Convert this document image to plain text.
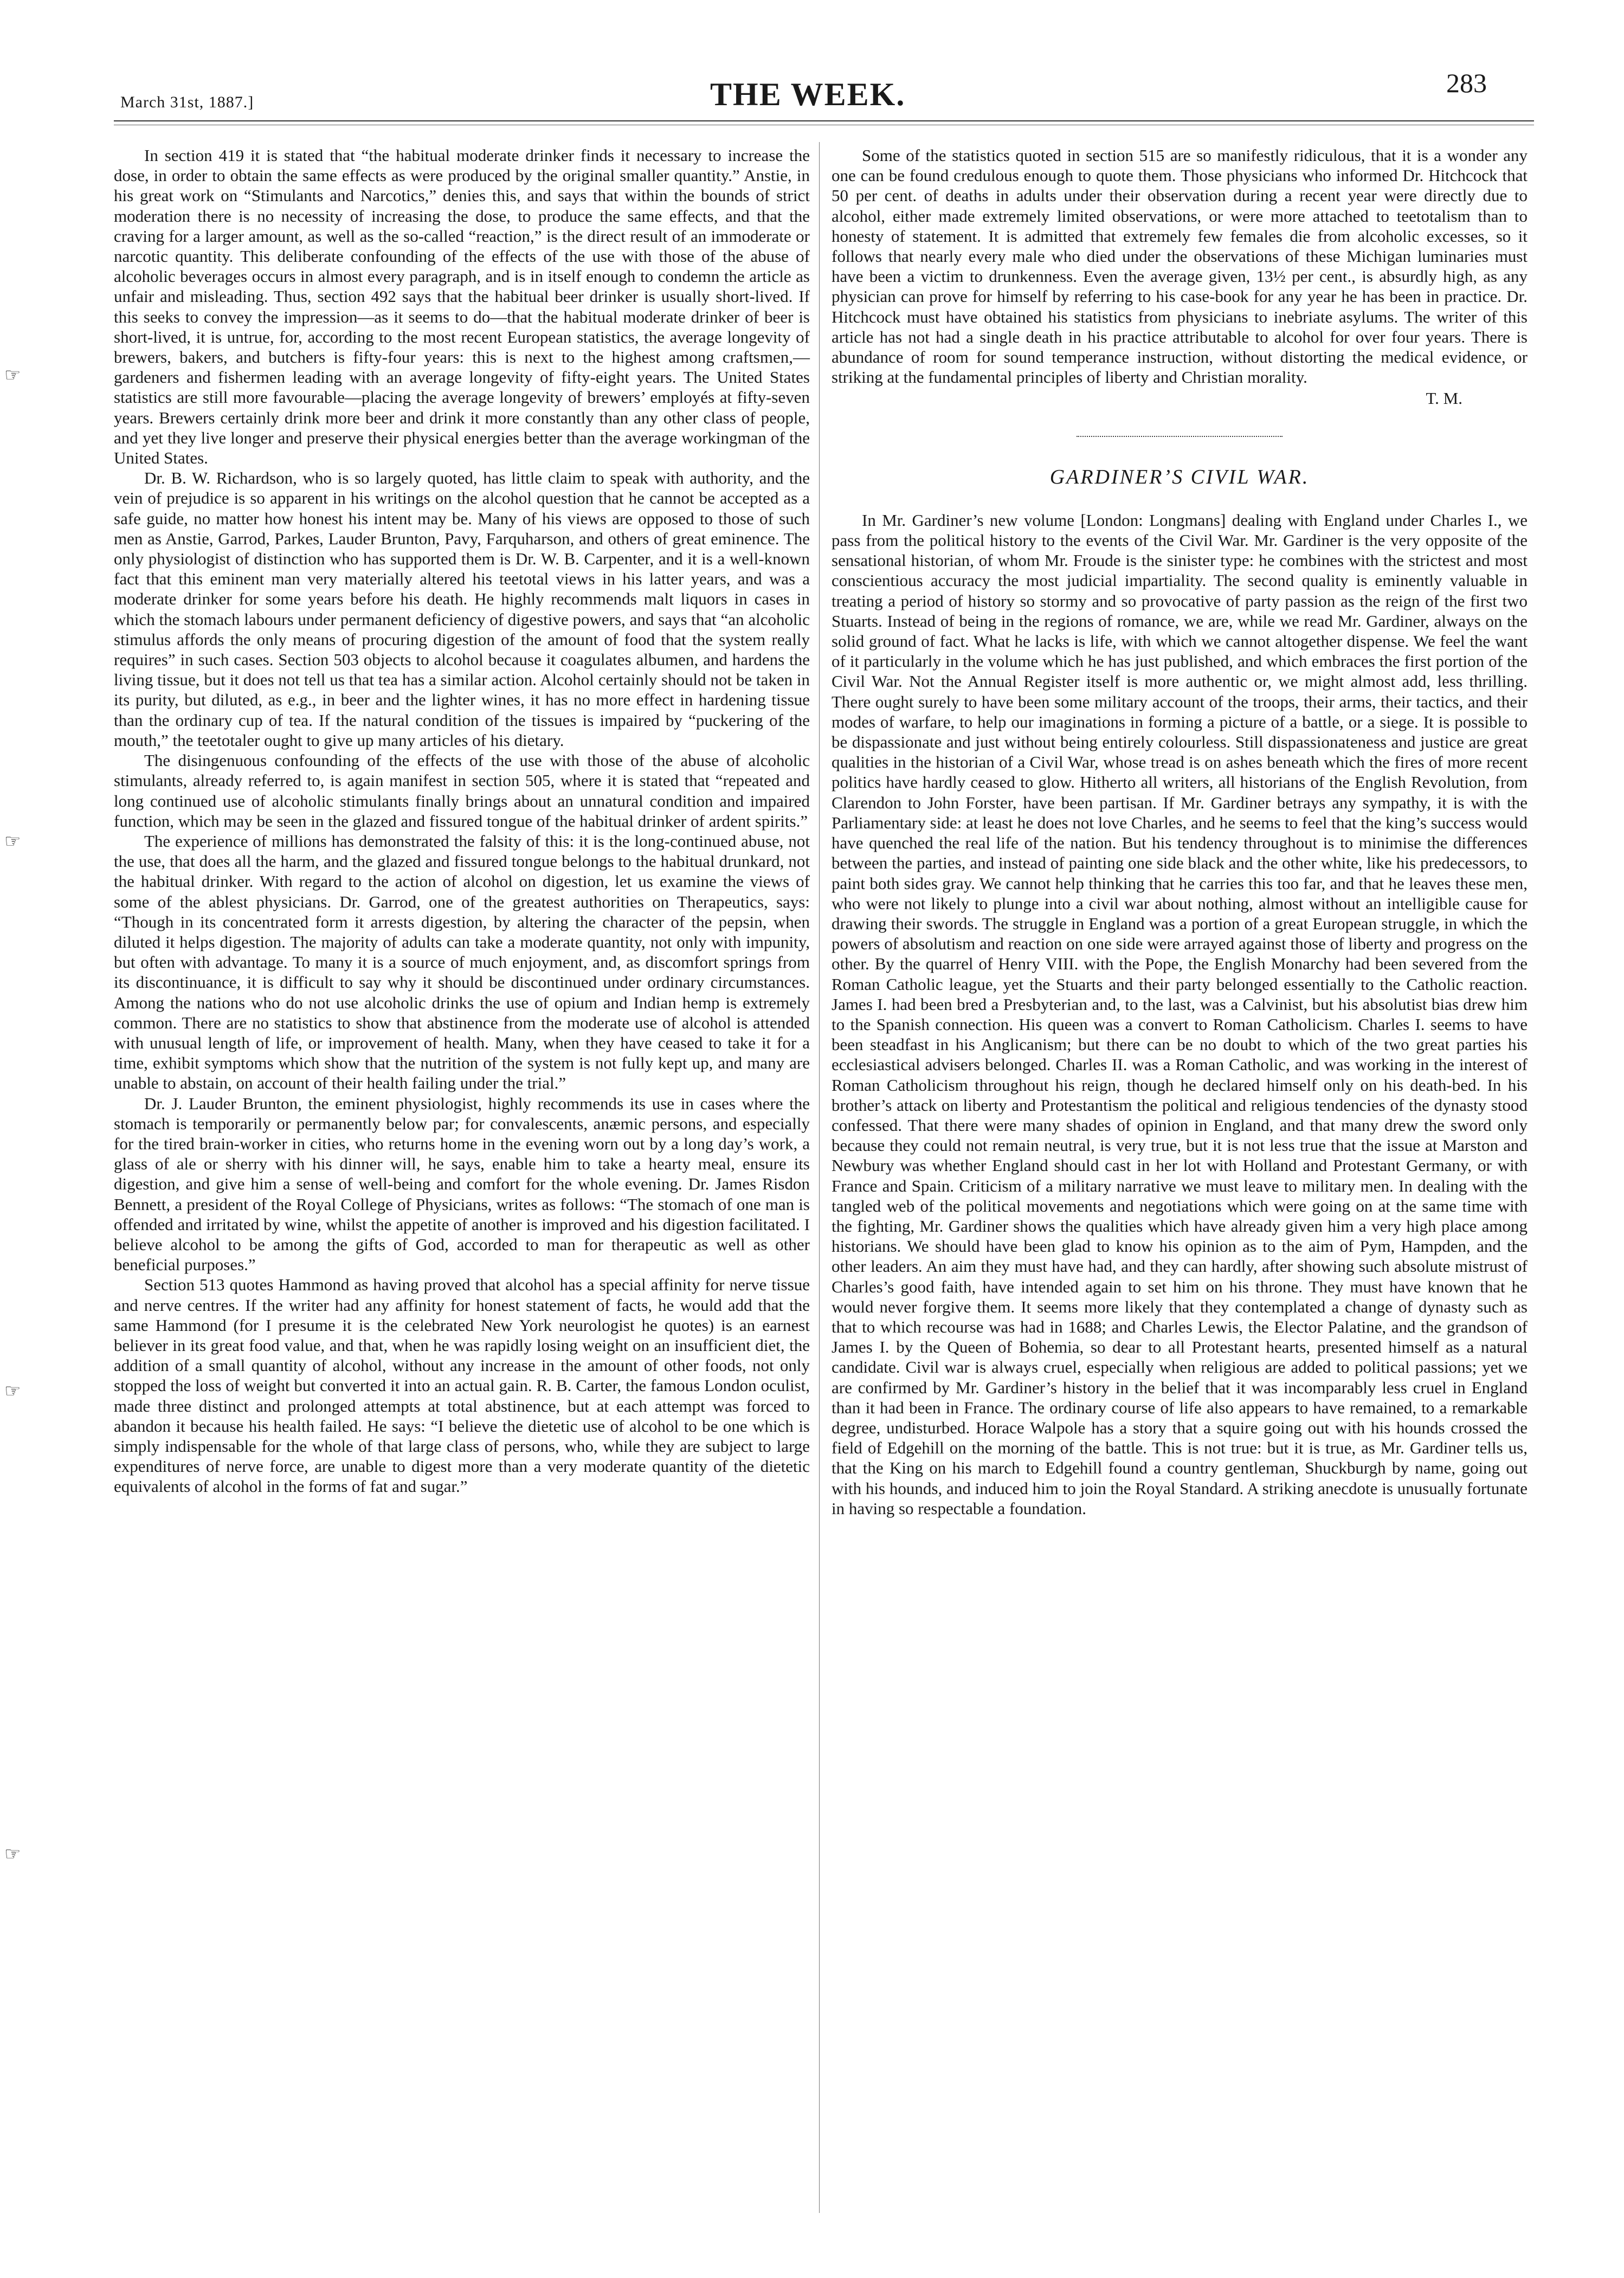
March 31st, 1887.]	THE WEEK.	283
☞
☞
☞
☞

In section 419 it is stated that “the habitual moderate drinker finds it necessary to increase the dose, in order to obtain the same effects as were produced by the original smaller quantity.” Anstie, in his great work on “Stimulants and Narcotics,” denies this, and says that within the bounds of strict moderation there is no necessity of increasing the dose, to produce the same effects, and that the craving for a larger amount, as well as the so-called “reaction,” is the direct result of an immoderate or narcotic quantity. This deliberate confounding of the effects of the use with those of the abuse of alcoholic beverages occurs in almost every paragraph, and is in itself enough to condemn the article as unfair and misleading. Thus, section 492 says that the habitual beer drinker is usually short-lived. If this seeks to convey the impression—as it seems to do—that the habitual moderate drinker of beer is short-lived, it is untrue, for, according to the most recent European statistics, the average longevity of brewers, bakers, and butchers is fifty-four years: this is next to the highest among craftsmen,—gardeners and fishermen leading with an average longevity of fifty-eight years. The United States statistics are still more favourable—placing the average longevity of brewers’ employés at fifty-seven years. Brewers certainly drink more beer and drink it more constantly than any other class of people, and yet they live longer and preserve their physical energies better than the average workingman of the United States.

Dr. B. W. Richardson, who is so largely quoted, has little claim to speak with authority, and the vein of prejudice is so apparent in his writings on the alcohol question that he cannot be accepted as a safe guide, no matter how honest his intent may be. Many of his views are opposed to those of such men as Anstie, Garrod, Parkes, Lauder Brunton, Pavy, Farquharson, and others of great eminence. The only physiologist of distinction who has supported them is Dr. W. B. Carpenter, and it is a well-known fact that this eminent man very materially altered his teetotal views in his latter years, and was a moderate drinker for some years before his death. He highly recommends malt liquors in cases in which the stomach labours under permanent deficiency of digestive powers, and says that “an alcoholic stimulus affords the only means of procuring digestion of the amount of food that the system really requires” in such cases. Section 503 objects to alcohol because it coagulates albumen, and hardens the living tissue, but it does not tell us that tea has a similar action. Alcohol certainly should not be taken in its purity, but diluted, as e.g., in beer and the lighter wines, it has no more effect in hardening tissue than the ordinary cup of tea. If the natural condition of the tissues is impaired by “puckering of the mouth,” the teetotaler ought to give up many articles of his dietary.

The disingenuous confounding of the effects of the use with those of the abuse of alcoholic stimulants, already referred to, is again manifest in section 505, where it is stated that “repeated and long continued use of alcoholic stimulants finally brings about an unnatural condition and impaired function, which may be seen in the glazed and fissured tongue of the habitual drinker of ardent spirits.”

The experience of millions has demonstrated the falsity of this: it is the long-continued abuse, not the use, that does all the harm, and the glazed and fissured tongue belongs to the habitual drunkard, not the habitual drinker. With regard to the action of alcohol on digestion, let us examine the views of some of the ablest physicians. Dr. Garrod, one of the greatest authorities on Therapeutics, says: “Though in its concentrated form it arrests digestion, by altering the character of the pepsin, when diluted it helps digestion. The majority of adults can take a moderate quantity, not only with impunity, but often with advantage. To many it is a source of much enjoyment, and, as discomfort springs from its discontinuance, it is difficult to say why it should be discontinued under ordinary circumstances. Among the nations who do not use alcoholic drinks the use of opium and Indian hemp is extremely common. There are no statistics to show that abstinence from the moderate use of alcohol is attended with unusual length of life, or improvement of health. Many, when they have ceased to take it for a time, exhibit symptoms which show that the nutrition of the system is not fully kept up, and many are unable to abstain, on account of their health failing under the trial.”

Dr. J. Lauder Brunton, the eminent physiologist, highly recommends its use in cases where the stomach is temporarily or permanently below par; for convalescents, anæmic persons, and especially for the tired brain-worker in cities, who returns home in the evening worn out by a long day’s work, a glass of ale or sherry with his dinner will, he says, enable him to take a hearty meal, ensure its digestion, and give him a sense of well-being and comfort for the whole evening. Dr. James Risdon Bennett, a president of the Royal College of Physicians, writes as follows: “The stomach of one man is offended and irritated by wine, whilst the appetite of another is improved and his digestion facilitated. I believe alcohol to be among the gifts of God, accorded to man for therapeutic as well as other beneficial purposes.”

Section 513 quotes Hammond as having proved that alcohol has a special affinity for nerve tissue and nerve centres. If the writer had any affinity for honest statement of facts, he would add that the same Hammond (for I presume it is the celebrated New York neurologist he quotes) is an earnest believer in its great food value, and that, when he was rapidly losing weight on an insufficient diet, the addition of a small quantity of alcohol, without any increase in the amount of other foods, not only stopped the loss of weight but converted it into an actual gain. R. B. Carter, the famous London oculist, made three distinct and prolonged attempts at total abstinence, but at each attempt was forced to abandon it because his health failed. He says: “I believe the dietetic use of alcohol to be one which is simply indispensable for the whole of that large class of persons, who, while they are subject to large expenditures of nerve force, are unable to digest more than a very moderate quantity of the dietetic equivalents of alcohol in the forms of fat and sugar.”

Some of the statistics quoted in section 515 are so manifestly ridiculous, that it is a wonder any one can be found credulous enough to quote them. Those physicians who informed Dr. Hitchcock that 50 per cent. of deaths in adults under their observation during a recent year were directly due to alcohol, either made extremely limited observations, or were more attached to teetotalism than to honesty of statement. It is admitted that extremely few females die from alcoholic excesses, so it follows that nearly every male who died under the observations of these Michigan luminaries must have been a victim to drunkenness. Even the average given, 13½ per cent., is absurdly high, as any physician can prove for himself by referring to his case-book for any year he has been in practice. Dr. Hitchcock must have obtained his statistics from physicians to inebriate asylums. The writer of this article has not had a single death in his practice attributable to alcohol for over four years. There is abundance of room for sound temperance instruction, without distorting the medical evidence, or striking at the fundamental principles of liberty and Christian morality.

T. M.
GARDINER’S CIVIL WAR.

In Mr. Gardiner’s new volume [London: Longmans] dealing with England under Charles I., we pass from the political history to the events of the Civil War. Mr. Gardiner is the very opposite of the sensational historian, of whom Mr. Froude is the sinister type: he combines with the strictest and most conscientious accuracy the most judicial impartiality. The second quality is eminently valuable in treating a period of history so stormy and so provocative of party passion as the reign of the first two Stuarts. Instead of being in the regions of romance, we are, while we read Mr. Gardiner, always on the solid ground of fact. What he lacks is life, with which we cannot altogether dispense. We feel the want of it particularly in the volume which he has just published, and which embraces the first portion of the Civil War. Not the Annual Register itself is more authentic or, we might almost add, less thrilling. There ought surely to have been some military account of the troops, their arms, their tactics, and their modes of warfare, to help our imaginations in forming a picture of a battle, or a siege. It is possible to be dispassionate and just without being entirely colourless. Still dispassionateness and justice are great qualities in the historian of a Civil War, whose tread is on ashes beneath which the fires of more recent politics have hardly ceased to glow. Hitherto all writers, all historians of the English Revolution, from Clarendon to John Forster, have been partisan. If Mr. Gardiner betrays any sympathy, it is with the Parliamentary side: at least he does not love Charles, and he seems to feel that the king’s success would have quenched the real life of the nation. But his tendency throughout is to minimise the differences between the parties, and instead of painting one side black and the other white, like his predecessors, to paint both sides gray. We cannot help thinking that he carries this too far, and that he leaves these men, who were not likely to plunge into a civil war about nothing, almost without an intelligible cause for drawing their swords. The struggle in England was a portion of a great European struggle, in which the powers of absolutism and reaction on one side were arrayed against those of liberty and progress on the other. By the quarrel of Henry VIII. with the Pope, the English Monarchy had been severed from the Roman Catholic league, yet the Stuarts and their party belonged essentially to the Catholic reaction. James I. had been bred a Presbyterian and, to the last, was a Calvinist, but his absolutist bias drew him to the Spanish connection. His queen was a convert to Roman Catholicism. Charles I. seems to have been steadfast in his Anglicanism; but there can be no doubt to which of the two great parties his ecclesiastical advisers belonged. Charles II. was a Roman Catholic, and was working in the interest of Roman Catholicism throughout his reign, though he declared himself only on his death-bed. In his brother’s attack on liberty and Protestantism the political and religious tendencies of the dynasty stood confessed. That there were many shades of opinion in England, and that many drew the sword only because they could not remain neutral, is very true, but it is not less true that the issue at Marston and Newbury was whether England should cast in her lot with Holland and Protestant Germany, or with France and Spain. Criticism of a military narrative we must leave to military men. In dealing with the tangled web of the political movements and negotiations which were going on at the same time with the fighting, Mr. Gardiner shows the qualities which have already given him a very high place among historians. We should have been glad to know his opinion as to the aim of Pym, Hampden, and the other leaders. An aim they must have had, and they can hardly, after showing such absolute mistrust of Charles’s good faith, have intended again to set him on his throne. They must have known that he would never forgive them. It seems more likely that they contemplated a change of dynasty such as that to which recourse was had in 1688; and Charles Lewis, the Elector Palatine, and the grandson of James I. by the Queen of Bohemia, so dear to all Protestant hearts, presented himself as a natural candidate. Civil war is always cruel, especially when religious are added to political passions; yet we are confirmed by Mr. Gardiner’s history in the belief that it was incomparably less cruel in England than it had been in France. The ordinary course of life also appears to have remained, to a remarkable degree, undisturbed. Horace Walpole has a story that a squire going out with his hounds crossed the field of Edgehill on the morning of the battle. This is not true: but it is true, as Mr. Gardiner tells us, that the King on his march to Edgehill found a country gentleman, Shuckburgh by name, going out with his hounds, and induced him to join the Royal Standard. A striking anecdote is unusually fortunate in having so respectable a foundation.
